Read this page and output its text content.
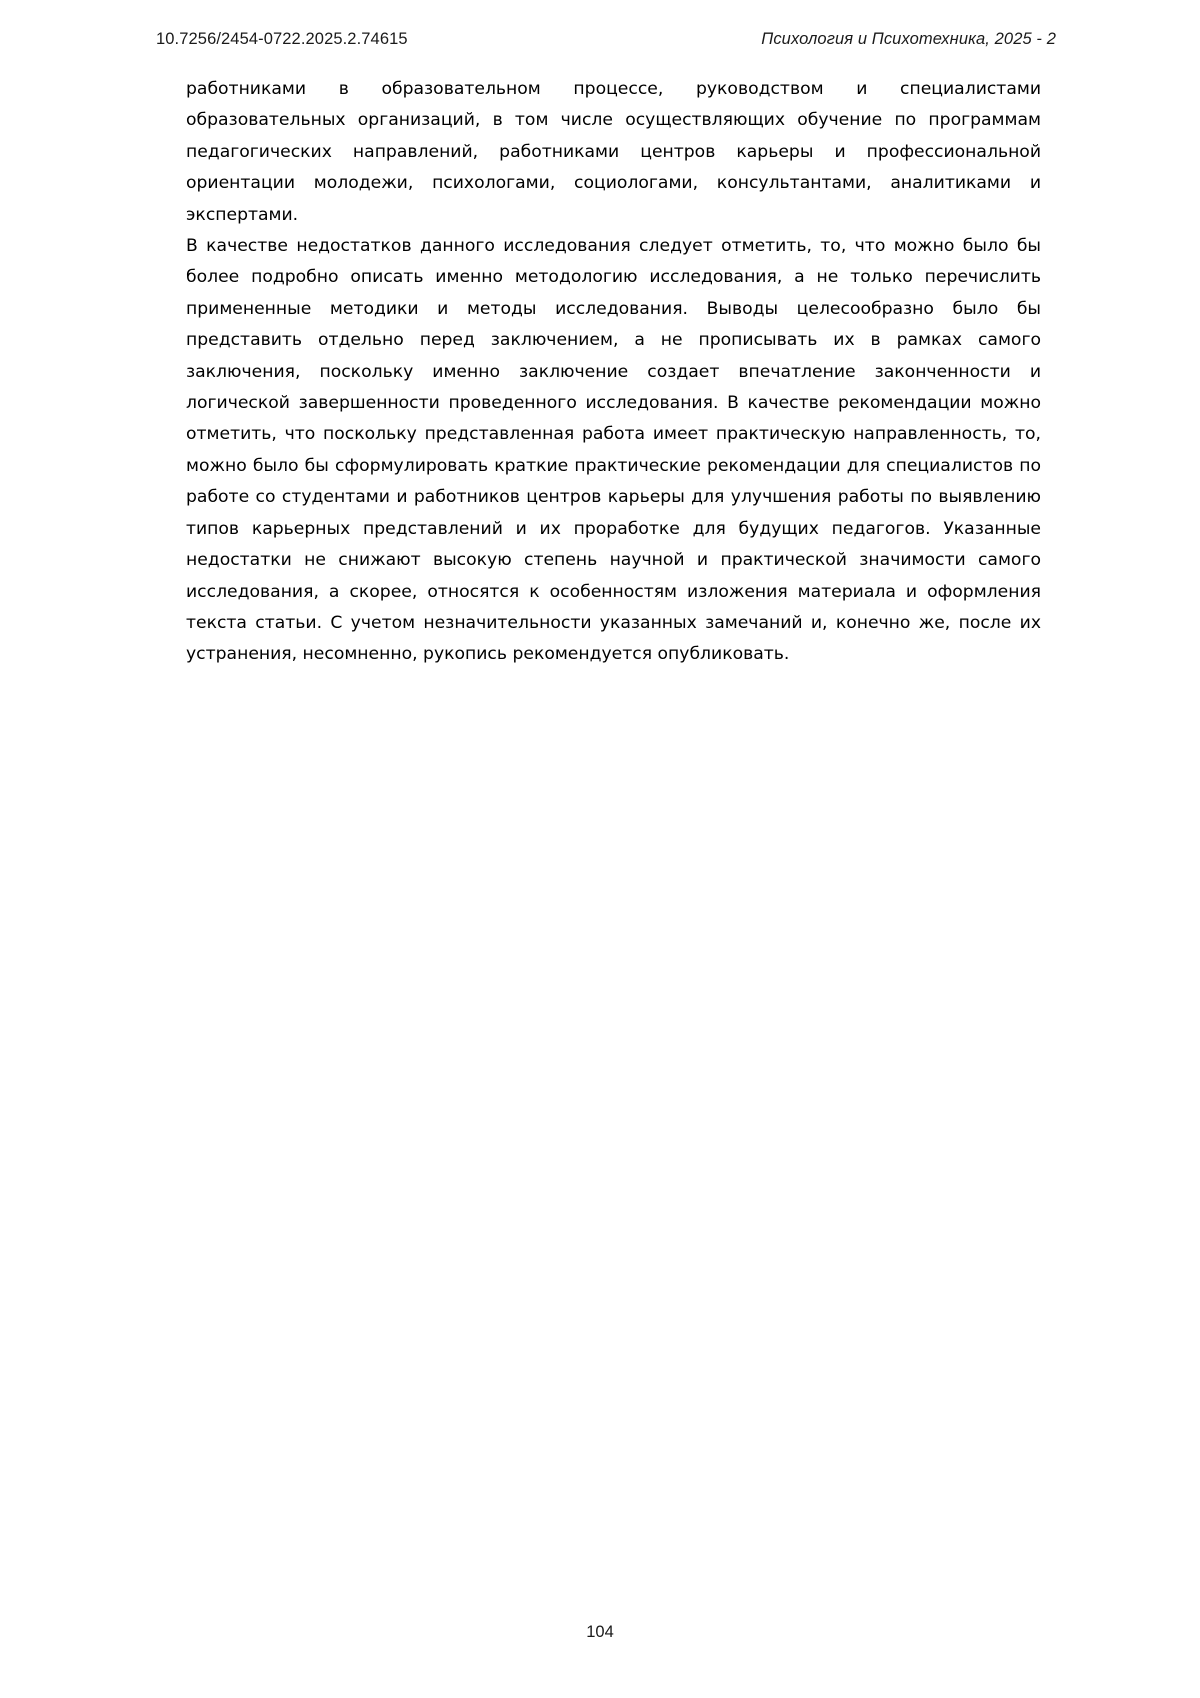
10.7256/2454-0722.2025.2.74615	Психология и Психотехника, 2025 - 2

работниками в образовательном процессе, руководством и специалистами образовательных организаций, в том числе осуществляющих обучение по программам педагогических направлений, работниками центров карьеры и профессиональной ориентации молодежи, психологами, социологами, консультантами, аналитиками и экспертами.

В качестве недостатков данного исследования следует отметить, то, что можно было бы более подробно описать именно методологию исследования, а не только перечислить примененные методики и методы исследования. Выводы целесообразно было бы представить отдельно перед заключением, а не прописывать их в рамках самого заключения, поскольку именно заключение создает впечатление законченности и логической завершенности проведенного исследования. В качестве рекомендации можно отметить, что поскольку представленная работа имеет практическую направленность, то, можно было бы сформулировать краткие практические рекомендации для специалистов по работе со студентами и работников центров карьеры для улучшения работы по выявлению типов карьерных представлений и их проработке для будущих педагогов. Указанные недостатки не снижают высокую степень научной и практической значимости самого исследования, а скорее, относятся к особенностям изложения материала и оформления текста статьи. С учетом незначительности указанных замечаний и, конечно же, после их устранения, несомненно, рукопись рекомендуется опубликовать.

104
